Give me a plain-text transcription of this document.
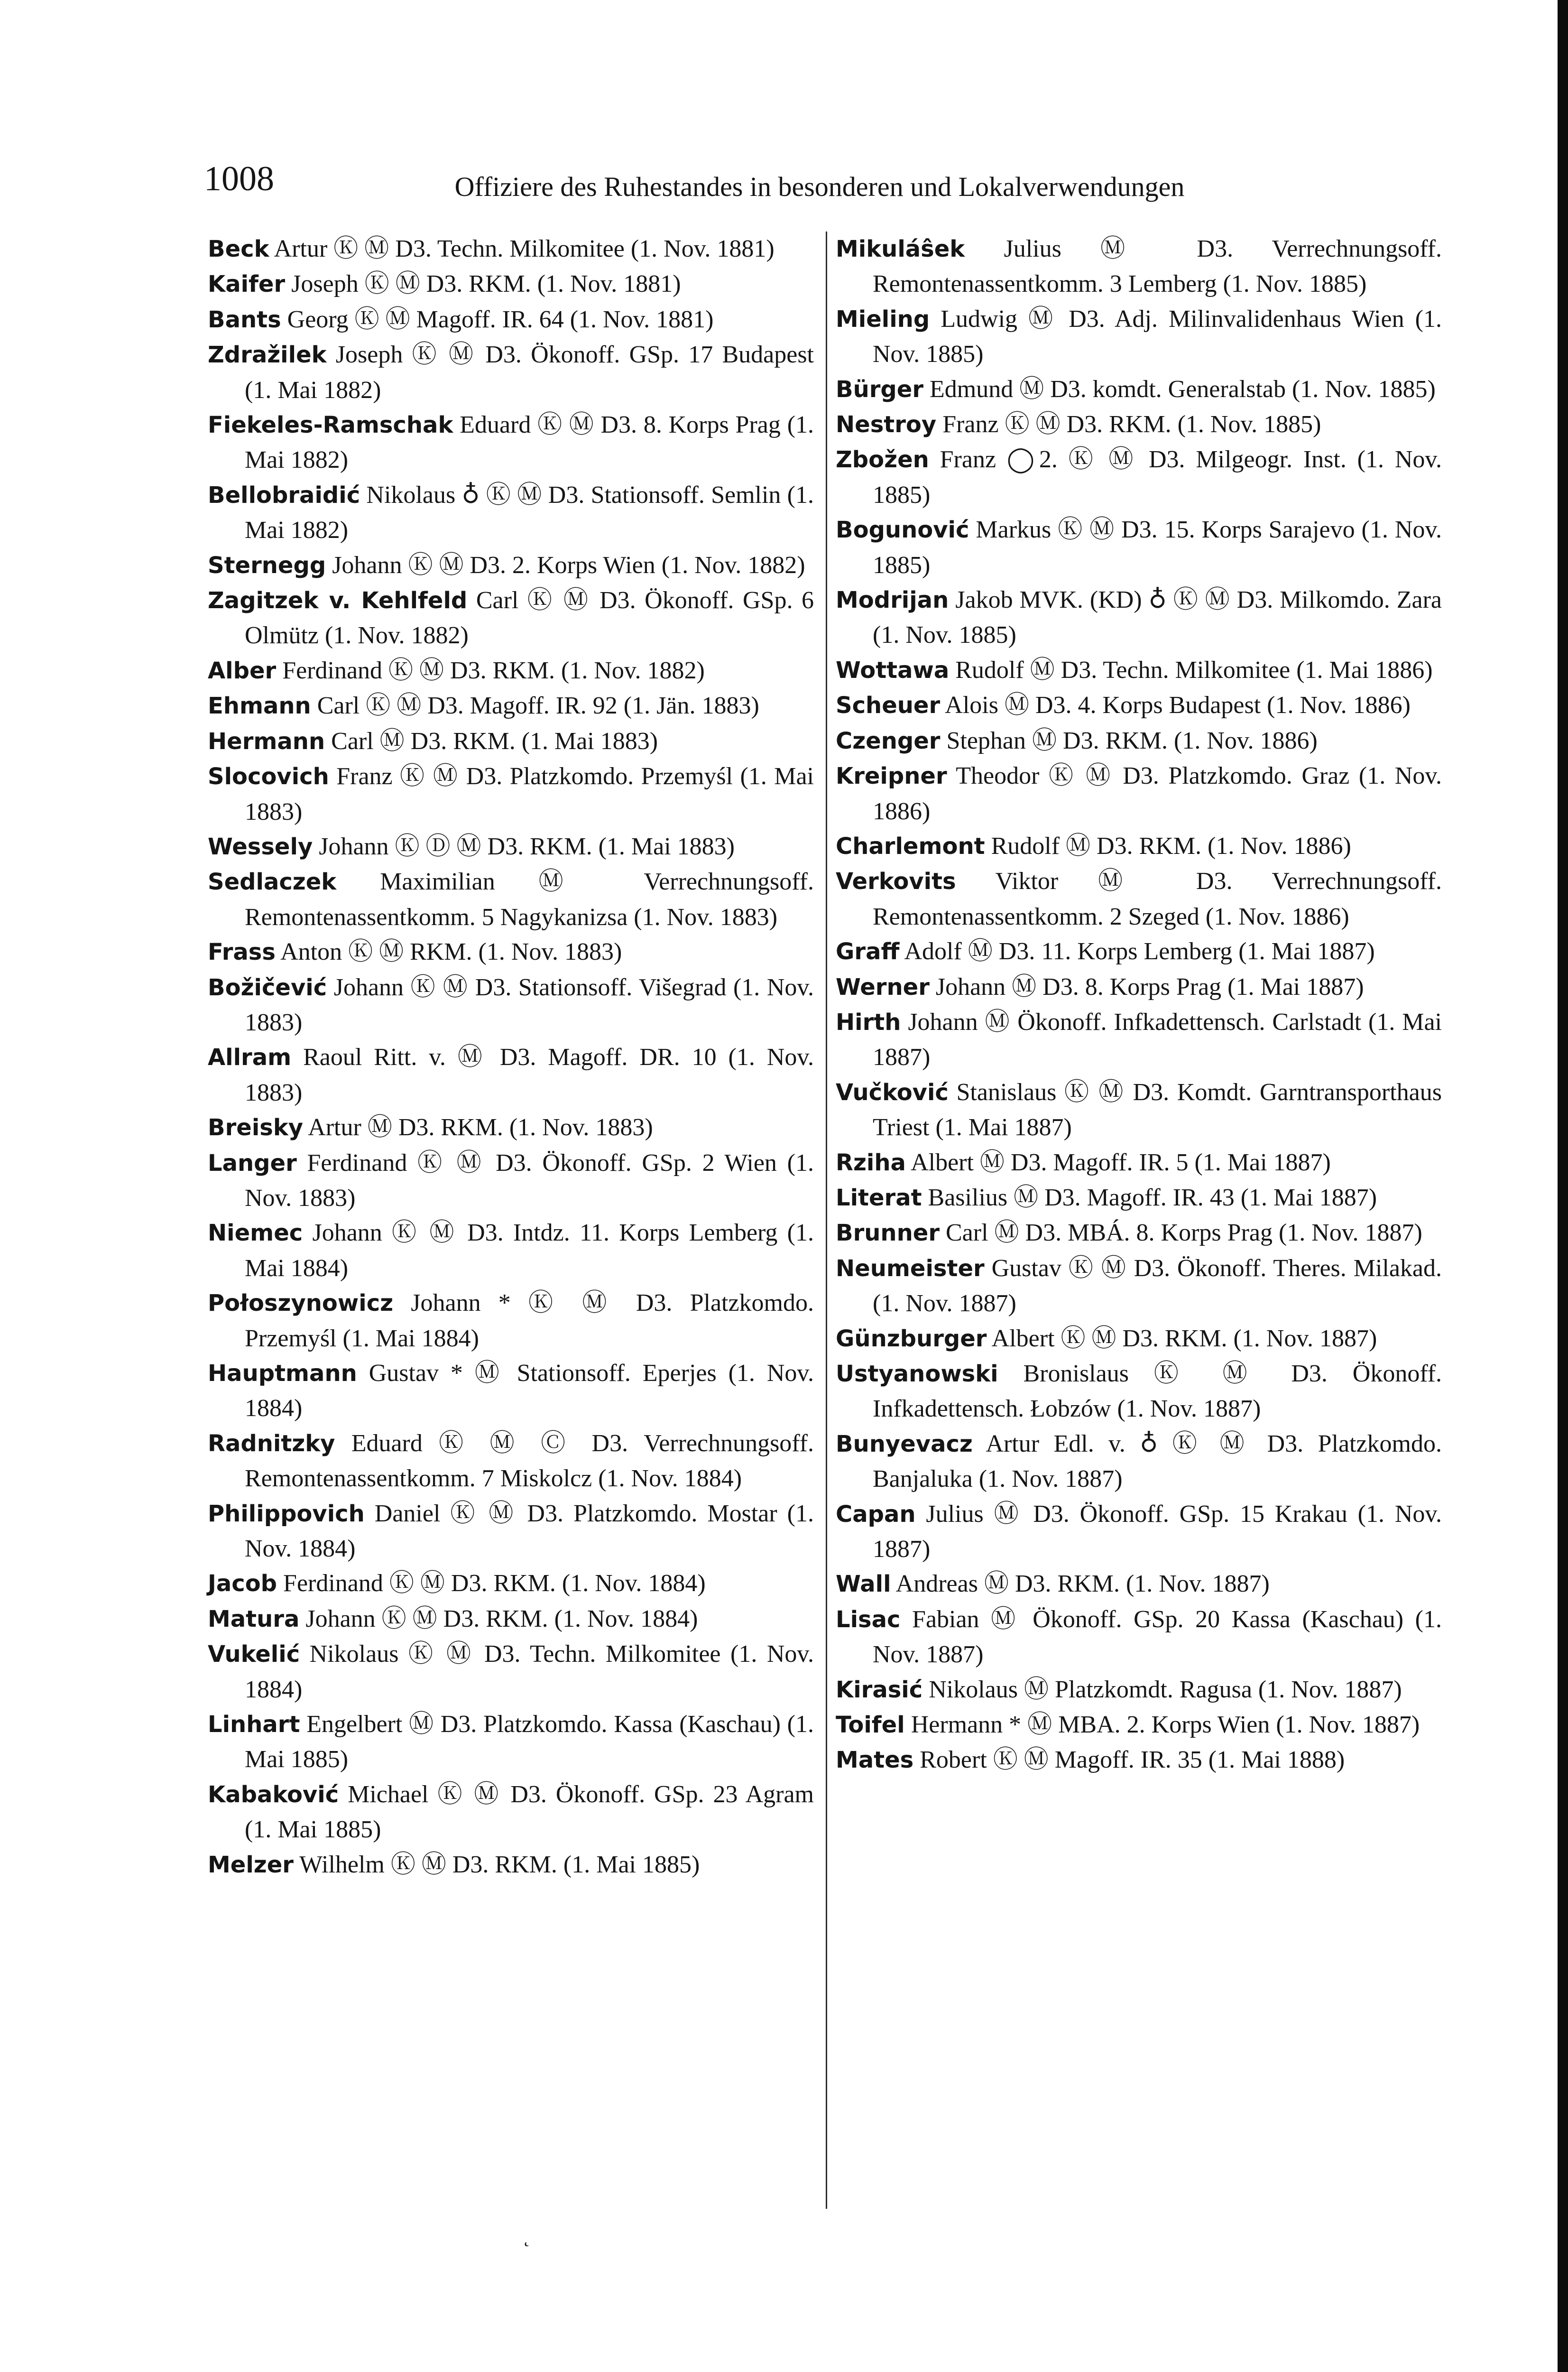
1008	Offiziere des Ruhestandes in besonderen und Lokalverwendungen
Beck Artur Ⓚ Ⓜ D3. Techn. Milkomitee (1. Nov. 1881)
Kaifer Joseph Ⓚ Ⓜ D3. RKM. (1. Nov. 1881)
Bants Georg Ⓚ Ⓜ Magoff. IR. 64 (1. Nov. 1881)
Zdražilek Joseph Ⓚ Ⓜ D3. Ökonoff. GSp. 17 Budapest (1. Mai 1882)
Fiekeles-Ramschak Eduard Ⓚ Ⓜ D3. 8. Korps Prag (1. Mai 1882)
Bellobraidić Nikolaus ♁ Ⓚ Ⓜ D3. Stationsoff. Semlin (1. Mai 1882)
Sternegg Johann Ⓚ Ⓜ D3. 2. Korps Wien (1. Nov. 1882)
Zagitzek v. Kehlfeld Carl Ⓚ Ⓜ D3. Ökonoff. GSp. 6 Olmütz (1. Nov. 1882)
Alber Ferdinand Ⓚ Ⓜ D3. RKM. (1. Nov. 1882)
Ehmann Carl Ⓚ Ⓜ D3. Magoff. IR. 92 (1. Jän. 1883)
Hermann Carl Ⓜ D3. RKM. (1. Mai 1883)
Slocovich Franz Ⓚ Ⓜ D3. Platzkomdo. Przemyśl (1. Mai 1883)
Wessely Johann Ⓚ Ⓓ Ⓜ D3. RKM. (1. Mai 1883)
Sedlaczek Maximilian Ⓜ Verrechnungsoff. Remontenassentkomm. 5 Nagykanizsa (1. Nov. 1883)
Frass Anton Ⓚ Ⓜ RKM. (1. Nov. 1883)
Božičević Johann Ⓚ Ⓜ D3. Stationsoff. Višegrad (1. Nov. 1883)
Allram Raoul Ritt. v. Ⓜ D3. Magoff. DR. 10 (1. Nov. 1883)
Breisky Artur Ⓜ D3. RKM. (1. Nov. 1883)
Langer Ferdinand Ⓚ Ⓜ D3. Ökonoff. GSp. 2 Wien (1. Nov. 1883)
Niemec Johann Ⓚ Ⓜ D3. Intdz. 11. Korps Lemberg (1. Mai 1884)
Połoszynowicz Johann * Ⓚ Ⓜ D3. Platzkomdo. Przemyśl (1. Mai 1884)
Hauptmann Gustav * Ⓜ Stationsoff. Eperjes (1. Nov. 1884)
Radnitzky Eduard Ⓚ Ⓜ Ⓒ D3. Verrechnungsoff. Remontenassentkomm. 7 Miskolcz (1. Nov. 1884)
Philippovich Daniel Ⓚ Ⓜ D3. Platzkomdo. Mostar (1. Nov. 1884)
Jacob Ferdinand Ⓚ Ⓜ D3. RKM. (1. Nov. 1884)
Matura Johann Ⓚ Ⓜ D3. RKM. (1. Nov. 1884)
Vukelić Nikolaus Ⓚ Ⓜ D3. Techn. Milkomitee (1. Nov. 1884)
Linhart Engelbert Ⓜ D3. Platzkomdo. Kassa (Kaschau) (1. Mai 1885)
Kabaković Michael Ⓚ Ⓜ D3. Ökonoff. GSp. 23 Agram (1. Mai 1885)
Melzer Wilhelm Ⓚ Ⓜ D3. RKM. (1. Mai 1885)
Mikuláŝek Julius Ⓜ D3. Verrechnungsoff. Remontenassentkomm. 3 Lemberg (1. Nov. 1885)
Mieling Ludwig Ⓜ D3. Adj. Milinvalidenhaus Wien (1. Nov. 1885)
Bürger Edmund Ⓜ D3. komdt. Generalstab (1. Nov. 1885)
Nestroy Franz Ⓚ Ⓜ D3. RKM. (1. Nov. 1885)
Zbožen Franz ◯2. Ⓚ Ⓜ D3. Milgeogr. Inst. (1. Nov. 1885)
Bogunović Markus Ⓚ Ⓜ D3. 15. Korps Sarajevo (1. Nov. 1885)
Modrijan Jakob MVK. (KD) ♁ Ⓚ Ⓜ D3. Milkomdo. Zara (1. Nov. 1885)
Wottawa Rudolf Ⓜ D3. Techn. Milkomitee (1. Mai 1886)
Scheuer Alois Ⓜ D3. 4. Korps Budapest (1. Nov. 1886)
Czenger Stephan Ⓜ D3. RKM. (1. Nov. 1886)
Kreipner Theodor Ⓚ Ⓜ D3. Platzkomdo. Graz (1. Nov. 1886)
Charlemont Rudolf Ⓜ D3. RKM. (1. Nov. 1886)
Verkovits Viktor Ⓜ D3. Verrechnungsoff. Remontenassentkomm. 2 Szeged (1. Nov. 1886)
Graff Adolf Ⓜ D3. 11. Korps Lemberg (1. Mai 1887)
Werner Johann Ⓜ D3. 8. Korps Prag (1. Mai 1887)
Hirth Johann Ⓜ Ökonoff. Infkadettensch. Carlstadt (1. Mai 1887)
Vučković Stanislaus Ⓚ Ⓜ D3. Komdt. Garntransporthaus Triest (1. Mai 1887)
Rziha Albert Ⓜ D3. Magoff. IR. 5 (1. Mai 1887)
Literat Basilius Ⓜ D3. Magoff. IR. 43 (1. Mai 1887)
Brunner Carl Ⓜ D3. MBÁ. 8. Korps Prag (1. Nov. 1887)
Neumeister Gustav Ⓚ Ⓜ D3. Ökonoff. Theres. Milakad. (1. Nov. 1887)
Günzburger Albert Ⓚ Ⓜ D3. RKM. (1. Nov. 1887)
Ustyanowski Bronislaus Ⓚ Ⓜ D3. Ökonoff. Infkadettensch. Łobzów (1. Nov. 1887)
Bunyevacz Artur Edl. v. ♁ Ⓚ Ⓜ D3. Platzkomdo. Banjaluka (1. Nov. 1887)
Capan Julius Ⓜ D3. Ökonoff. GSp. 15 Krakau (1. Nov. 1887)
Wall Andreas Ⓜ D3. RKM. (1. Nov. 1887)
Lisac Fabian Ⓜ Ökonoff. GSp. 20 Kassa (Kaschau) (1. Nov. 1887)
Kirasić Nikolaus Ⓜ Platzkomdt. Ragusa (1. Nov. 1887)
Toifel Hermann * Ⓜ MBA. 2. Korps Wien (1. Nov. 1887)
Mates Robert Ⓚ Ⓜ Magoff. IR. 35 (1. Mai 1888)
˛
